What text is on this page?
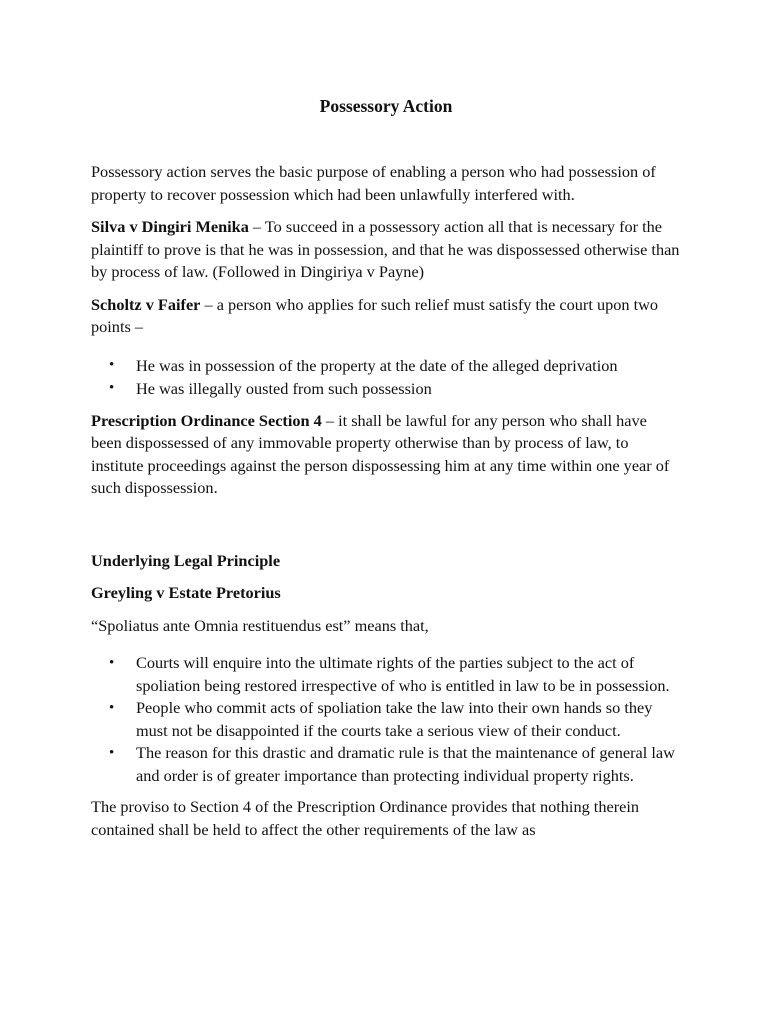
Possessory Action

Possessory action serves the basic purpose of enabling a person who had possession of property to recover possession which had been unlawfully interfered with.

Silva v Dingiri Menika – To succeed in a possessory action all that is necessary for the plaintiff to prove is that he was in possession, and that he was dispossessed otherwise than by process of law. (Followed in Dingiriya v Payne)

Scholtz v Faifer – a person who applies for such relief must satisfy the court upon two points –

• He was in possession of the property at the date of the alleged deprivation
• He was illegally ousted from such possession

Prescription Ordinance Section 4 – it shall be lawful for any person who shall have been dispossessed of any immovable property otherwise than by process of law, to institute proceedings against the person dispossessing him at any time within one year of such dispossession.

Underlying Legal Principle

Greyling v Estate Pretorius

“Spoliatus ante Omnia restituendus est” means that,

• Courts will enquire into the ultimate rights of the parties subject to the act of spoliation being restored irrespective of who is entitled in law to be in possession.
• People who commit acts of spoliation take the law into their own hands so they must not be disappointed if the courts take a serious view of their conduct.
• The reason for this drastic and dramatic rule is that the maintenance of general law and order is of greater importance than protecting individual property rights.

The proviso to Section 4 of the Prescription Ordinance provides that nothing therein contained shall be held to affect the other requirements of the law as
